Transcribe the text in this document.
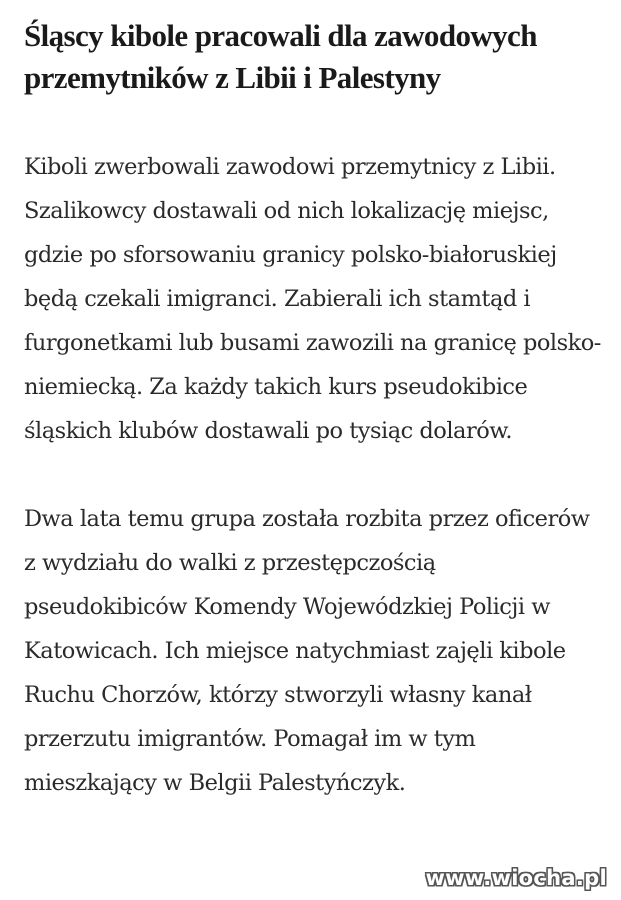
Śląscy kibole pracowali dla zawodowych przemytników z Libii i Palestyny

Kiboli zwerbowali zawodowi przemytnicy z Libii. Szalikowcy dostawali od nich lokalizację miejsc, gdzie po sforsowaniu granicy polsko-białoruskiej będą czekali imigranci. Zabierali ich stamtąd i furgonetkami lub busami zawozili na granicę polsko-niemiecką. Za każdy takich kurs pseudokibice śląskich klubów dostawali po tysiąc dolarów.

Dwa lata temu grupa została rozbita przez oficerów z wydziału do walki z przestępczością pseudokibiców Komendy Wojewódzkiej Policji w Katowicach. Ich miejsce natychmiast zajęli kibole Ruchu Chorzów, którzy stworzyli własny kanał przerzutu imigrantów. Pomagał im w tym mieszkający w Belgii Palestyńczyk.

www.wiocha.pl
